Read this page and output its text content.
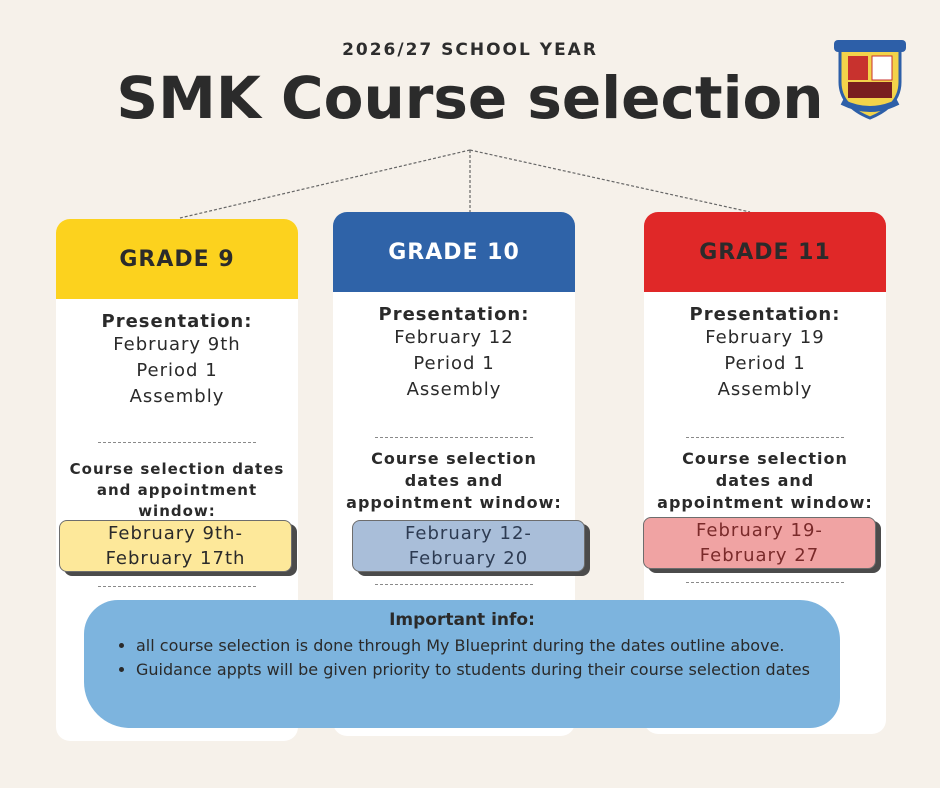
2026/27 SCHOOL YEAR
SMK Course selection
GRADE 9
Presentation:
February 9th
Period 1
Assembly
Course selection dates
and appointment
window:
February 9th-
February 17th
GRADE 10
Presentation:
February 12
Period 1
Assembly
Course selection
dates and
appointment window:
February 12-
February 20
GRADE 11
Presentation:
February 19
Period 1
Assembly
Course selection
dates and
appointment window:
February 19-
February 27
Important info:
• all course selection is done through My Blueprint during the dates outline above.
• Guidance appts will be given priority to students during their course selection dates
